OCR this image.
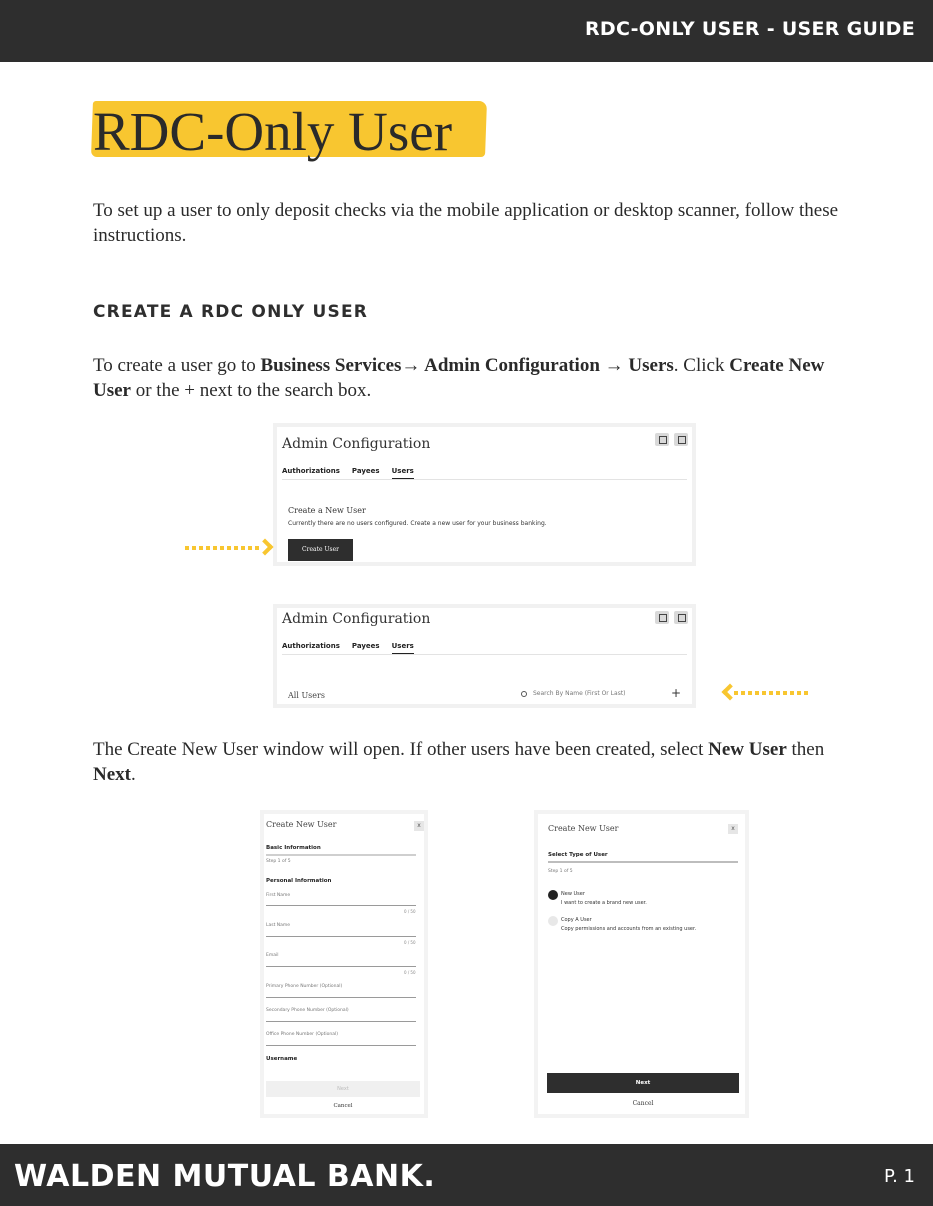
RDC-ONLY USER - USER GUIDE
RDC-Only User
To set up a user to only deposit checks via the mobile application or desktop scanner, follow these instructions.
CREATE A RDC ONLY USER
To create a user go to Business Services→ Admin Configuration → Users. Click Create New User or the + next to the search box.
Admin Configuration
Authorizations Payees Users
Create a New User
Currently there are no users configured. Create a new user for your business banking.
Create User
Admin Configuration
Authorizations Payees Users
All Users	Search By Name (First Or Last)	+
The Create New User window will open. If other users have been created, select New User then Next.
Create New User	x
Basic Information
Step 1 of 5
Personal Information
First Name
0 / 50
Last Name
0 / 50
Email
0 / 50
Primary Phone Number (Optional)
Secondary Phone Number (Optional)
Office Phone Number (Optional)
Username
Next
Cancel
Create New User	x
Select Type of User
Step 1 of 5
New User
I want to create a brand new user.
Copy A User
Copy permissions and accounts from an existing user.
Next
Cancel
WALDEN MUTUAL BANK.	P. 1
